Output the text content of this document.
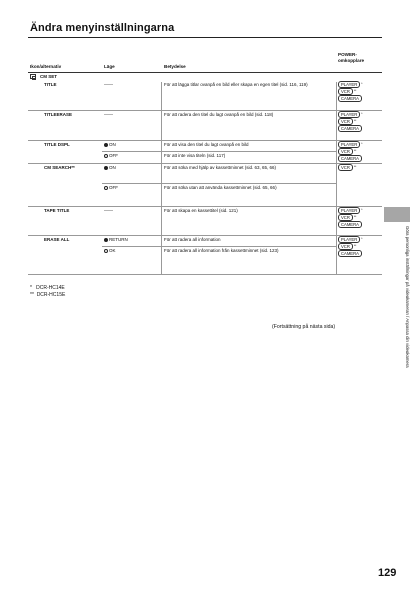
Ändra menyinställningarna
Ikon/alternativ	Läge	Betydelse
POWER-
omkopplare
CM SET
TITLE	——	För att lägga titlar ovanpå en bild eller skapa en egen titel (sid. 116, 119)	PLAYER	*
VCR	**
CAMERA
TITLEERASE	——	För att radera den titel du lagt ovanpå en bild (sid. 118)	PLAYER	*
VCR	**
CAMERA
TITLE DSPL	ON	För att visa den titel du lagt ovanpå en bild
OFF	För att inte visa titeln (sid. 117)
PLAYER	*
VCR	**
CAMERA
CM SEARCH**	ON	För att söka med hjälp av kassettminnet (sid. 63, 65, 66)
OFF	För att söka utan att använda kassettminnet (sid. 65, 66)
VCR	**
TAPE TITLE	——	För att skapa en kassettitel (sid. 121)	PLAYER	*
VCR	**
CAMERA
ERASE ALL	RETURN	För att radera all information
OK	För att radera all information från kassettminnet (sid. 123)
PLAYER	*
VCR	**
CAMERA
* DCR-HC14E
** DCR-HC15E
(Fortsättning på nästa sida)	Göra personliga inställningar på videokameran / Anpassa din videokamera
129
